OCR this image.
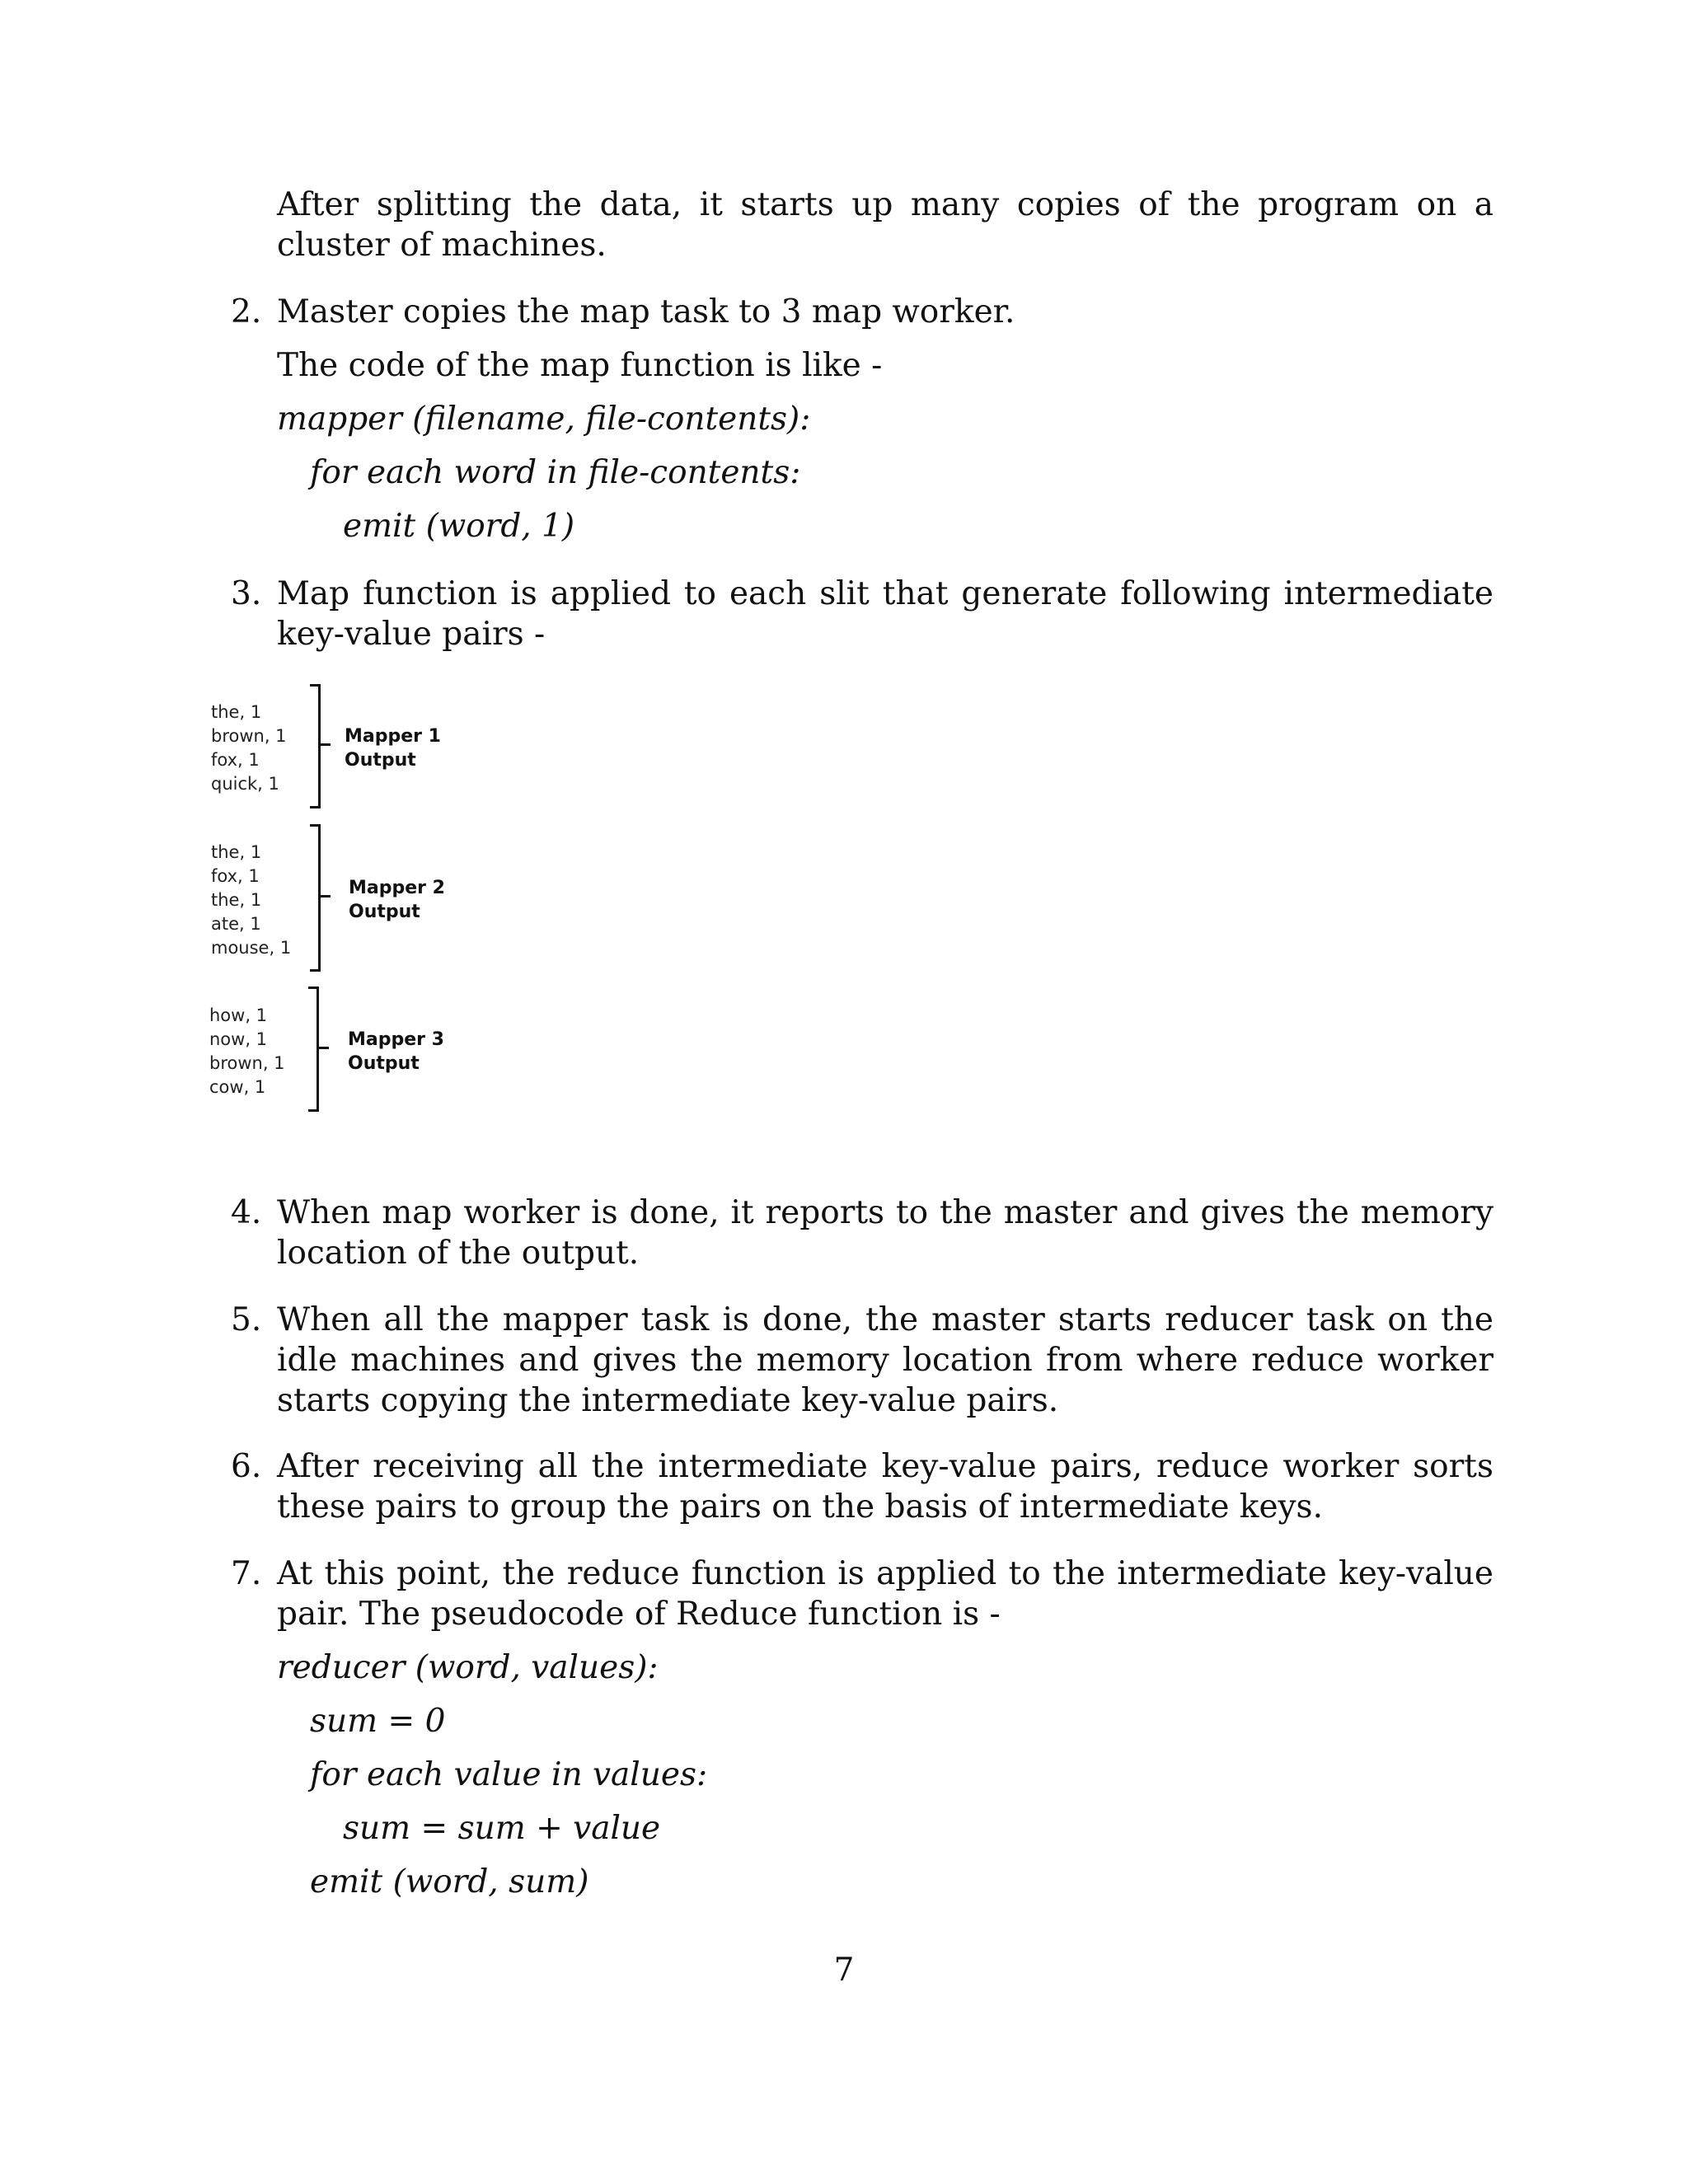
After splitting the data, it starts up many copies of the program on a cluster of machines.
2. Master copies the map task to 3 map worker.
The code of the map function is like -
mapper (filename, file-contents):
for each word in file-contents:
emit (word, 1)
3. Map function is applied to each slit that generate following intermediate key-value pairs -
the, 1
brown, 1
fox, 1
quick, 1
Mapper 1
Output
the, 1
fox, 1
the, 1
ate, 1
mouse, 1
Mapper 2
Output
how, 1
now, 1
brown, 1
cow, 1
Mapper 3
Output
4. When map worker is done, it reports to the master and gives the memory location of the output.
5. When all the mapper task is done, the master starts reducer task on the idle machines and gives the memory location from where reduce worker starts copying the intermediate key-value pairs.
6. After receiving all the intermediate key-value pairs, reduce worker sorts these pairs to group the pairs on the basis of intermediate keys.
7. At this point, the reduce function is applied to the intermediate key-value pair. The pseudocode of Reduce function is -
reducer (word, values):
sum = 0
for each value in values:
sum = sum + value
emit (word, sum)
7
